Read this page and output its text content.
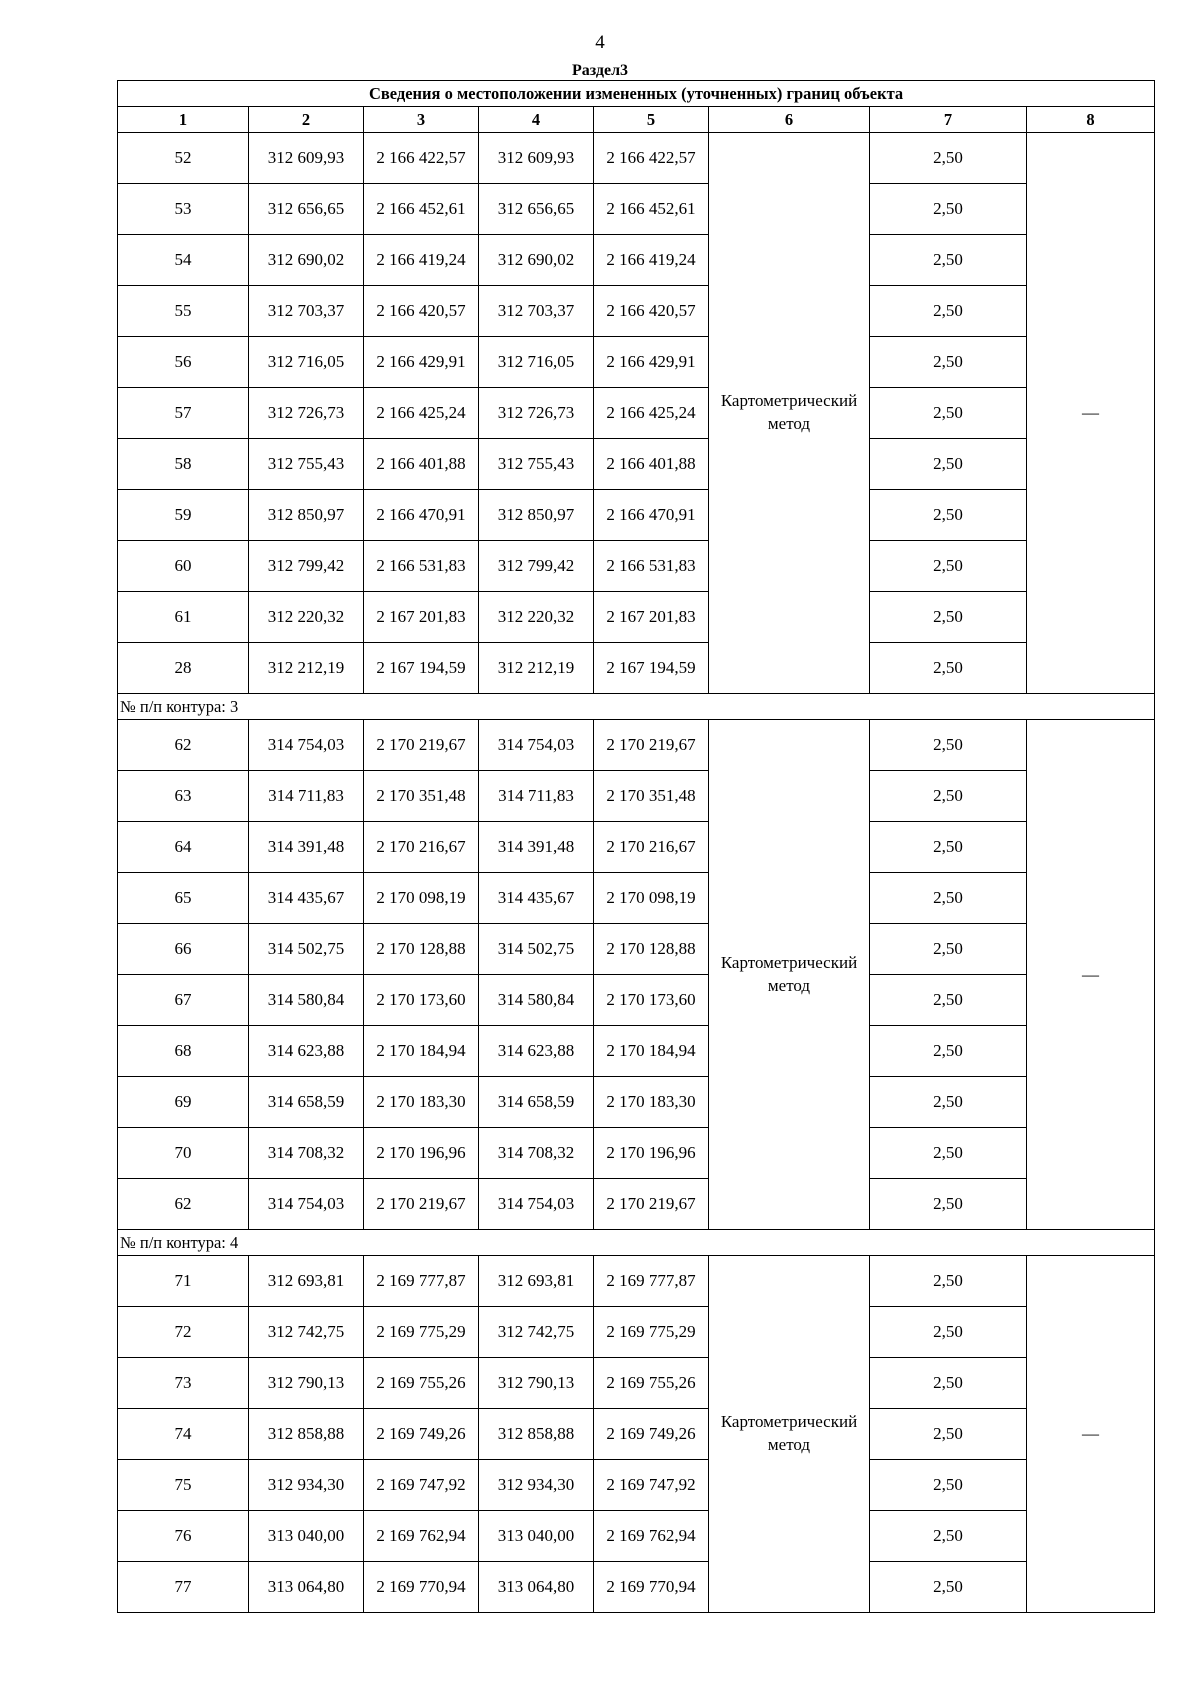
4
Раздел3
Сведения о местоположении измененных (уточненных) границ объекта							
1	2	3	4	5	6	7	8
52	312 609,93	2 166 422,57	312 609,93	2 166 422,57	Картометрический метод	2,50	—
53	312 656,65	2 166 452,61	312 656,65	2 166 452,61		2,50	
54	312 690,02	2 166 419,24	312 690,02	2 166 419,24		2,50	
55	312 703,37	2 166 420,57	312 703,37	2 166 420,57		2,50	
56	312 716,05	2 166 429,91	312 716,05	2 166 429,91		2,50	
57	312 726,73	2 166 425,24	312 726,73	2 166 425,24		2,50	
58	312 755,43	2 166 401,88	312 755,43	2 166 401,88		2,50	
59	312 850,97	2 166 470,91	312 850,97	2 166 470,91		2,50	
60	312 799,42	2 166 531,83	312 799,42	2 166 531,83		2,50	
61	312 220,32	2 167 201,83	312 220,32	2 167 201,83		2,50	
28	312 212,19	2 167 194,59	312 212,19	2 167 194,59		2,50	
№ п/п контура: 3							
62	314 754,03	2 170 219,67	314 754,03	2 170 219,67	Картометрический метод	2,50	—
63	314 711,83	2 170 351,48	314 711,83	2 170 351,48		2,50	
64	314 391,48	2 170 216,67	314 391,48	2 170 216,67		2,50	
65	314 435,67	2 170 098,19	314 435,67	2 170 098,19		2,50	
66	314 502,75	2 170 128,88	314 502,75	2 170 128,88		2,50	
67	314 580,84	2 170 173,60	314 580,84	2 170 173,60		2,50	
68	314 623,88	2 170 184,94	314 623,88	2 170 184,94		2,50	
69	314 658,59	2 170 183,30	314 658,59	2 170 183,30		2,50	
70	314 708,32	2 170 196,96	314 708,32	2 170 196,96		2,50	
62	314 754,03	2 170 219,67	314 754,03	2 170 219,67		2,50	
№ п/п контура: 4							
71	312 693,81	2 169 777,87	312 693,81	2 169 777,87	Картометрический метод	2,50	—
72	312 742,75	2 169 775,29	312 742,75	2 169 775,29		2,50	
73	312 790,13	2 169 755,26	312 790,13	2 169 755,26		2,50	
74	312 858,88	2 169 749,26	312 858,88	2 169 749,26		2,50	
75	312 934,30	2 169 747,92	312 934,30	2 169 747,92		2,50	
76	313 040,00	2 169 762,94	313 040,00	2 169 762,94		2,50	
77	313 064,80	2 169 770,94	313 064,80	2 169 770,94		2,50	
